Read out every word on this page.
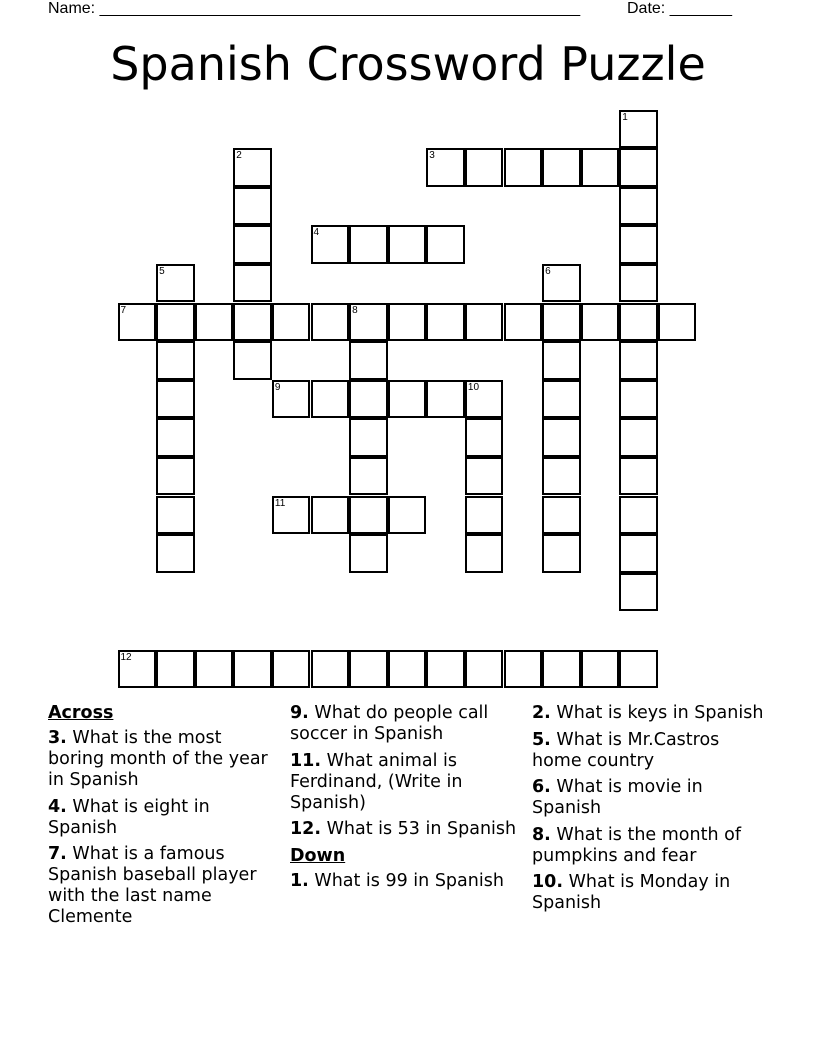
Name: ______________________________________________________	Date: _______
Spanish Crossword Puzzle
1
2	3
4
5	6
7	8
9	10
11
12
Across
3. What is the most boring month of the year in Spanish
4. What is eight in Spanish
7. What is a famous Spanish baseball player with the last name Clemente
9. What do people call soccer in Spanish
11. What animal is Ferdinand, (Write in Spanish)
12. What is 53 in Spanish
Down
1. What is 99 in Spanish
2. What is keys in Spanish
5. What is Mr.Castros home country
6. What is movie in Spanish
8. What is the month of pumpkins and fear
10. What is Monday in Spanish
